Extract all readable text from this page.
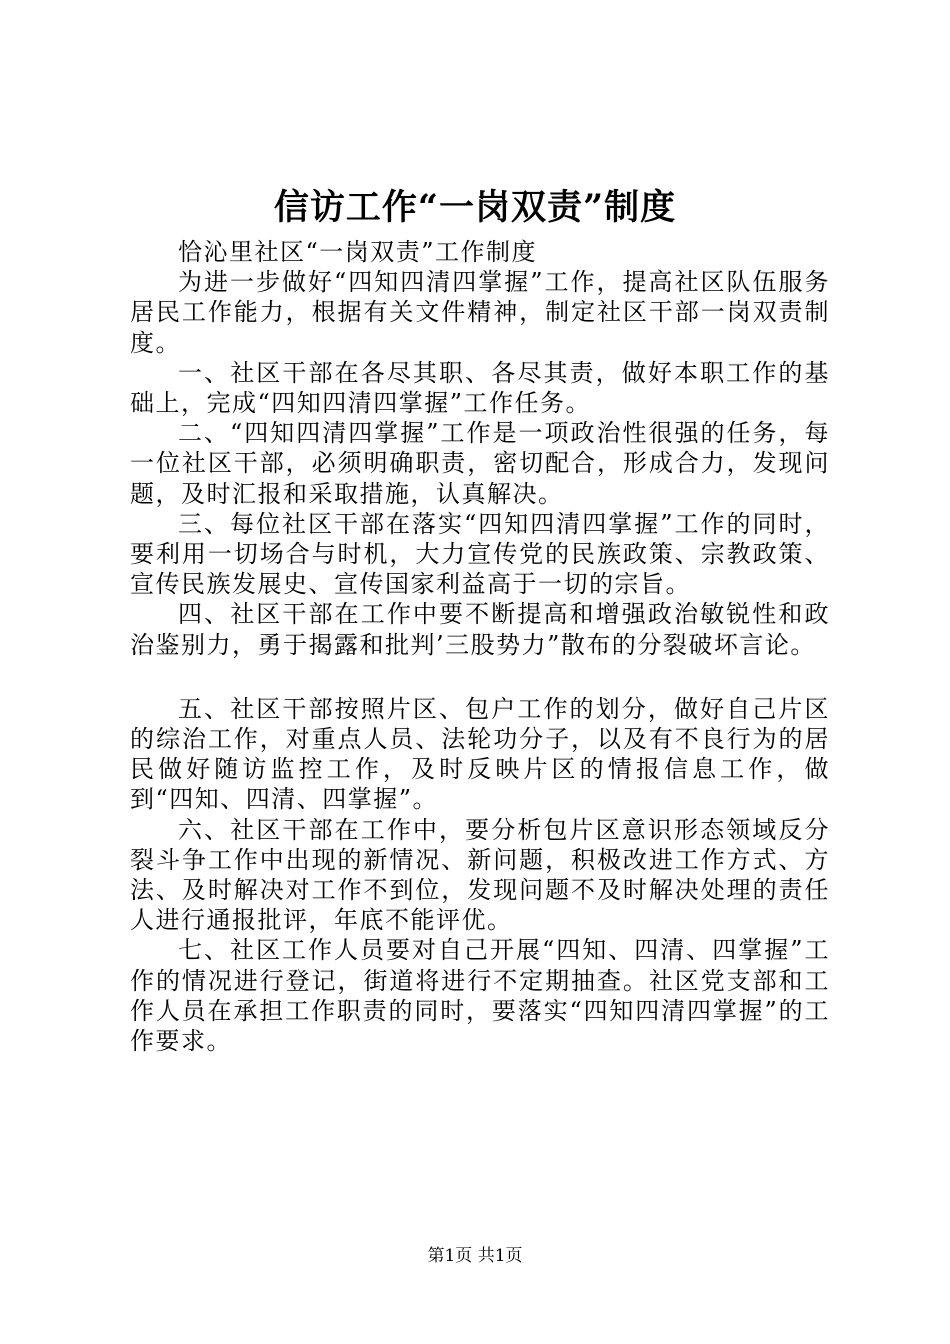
信访工作“一岗双责”制度

恰沁里社区“一岗双责”工作制度

为进一步做好“四知四清四掌握”工作，提高社区队伍服务居民工作能力，根据有关文件精神，制定社区干部一岗双责制度。

一、社区干部在各尽其职、各尽其责，做好本职工作的基础上，完成“四知四清四掌握”工作任务。

二、“四知四清四掌握”工作是一项政治性很强的任务，每一位社区干部，必须明确职责，密切配合，形成合力，发现问题，及时汇报和采取措施，认真解决。

三、每位社区干部在落实“四知四清四掌握”工作的同时，要利用一切场合与时机，大力宣传党的民族政策、宗教政策、宣传民族发展史、宣传国家利益高于一切的宗旨。

四、社区干部在工作中要不断提高和增强政治敏锐性和政治鉴别力，勇于揭露和批判’三股势力”散布的分裂破坏言论。

五、社区干部按照片区、包户工作的划分，做好自己片区的综治工作，对重点人员、法轮功分子，以及有不良行为的居民做好随访监控工作，及时反映片区的情报信息工作，做到“四知、四清、四掌握”。

六、社区干部在工作中，要分析包片区意识形态领域反分裂斗争工作中出现的新情况、新问题，积极改进工作方式、方法、及时解决对工作不到位，发现问题不及时解决处理的责任人进行通报批评，年底不能评优。

七、社区工作人员要对自己开展“四知、四清、四掌握”工作的情况进行登记，街道将进行不定期抽查。社区党支部和工作人员在承担工作职责的同时，要落实“四知四清四掌握”的工作要求。

第1页 共1页
